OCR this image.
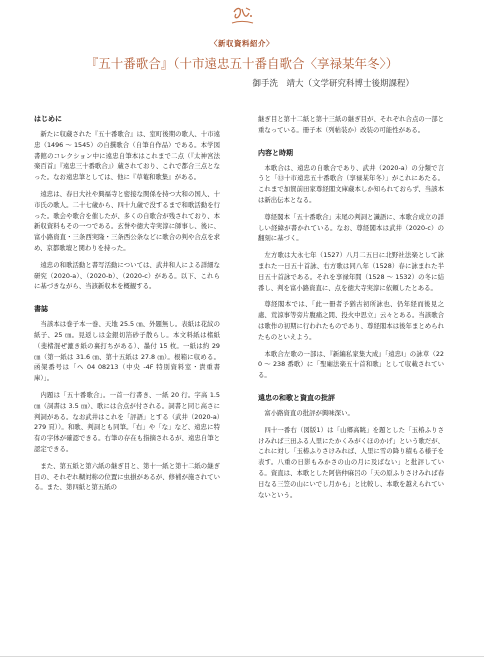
〈新収資料紹介〉
『五十番歌合』（十市遠忠五十番自歌合〈享禄某年冬〉）
御手洗　靖大（文学研究科博士後期課程）
はじめに

新たに収蔵された『五十番歌合』は、室町後期の歌人、十市遠忠（1496 ～ 1545）の自撰歌合（自筆自作品）である。本学図書館のコレクション中に遠忠自筆本はこれまで二点（『太神宮法楽百首』『遠忠三十番歌合』）蔵されており、これで都合三点となった。なお遠忠筆としては、他に『草菴和歌集』がある。

遠忠は、春日大社や興福寺と密接な関係を持つ大和の国人、十市氏の歌人。二十七歳から、四十九歳で没するまで和歌活動を行った。歌会や歌合を催したが、多くの自歌合が残されており、本新収資料もその一つである。玄誉や徳大寺実淳に師事し、後に、富小路資直・三条西実隆・三条西公条などに歌合の判や合点を求め、京都歌壇と関わりを持った。

遠忠の和歌活動と書写活動については、武井和人による詳細な研究（2020-a）、（2020-b）、（2020-c）がある。以下、これらに基づきながら、当該新収本を概観する。

書誌

当該本は巻子本一巻、天地 25.5 ㎝、外題無し。表紙は花紋の紙子、25 ㎝。見返しは金銀切箔砂子散らし。本文料紙は楮紙（斐楮混ぜ漉き紙の裏打ちがある）、墨付 15 枚。一紙は約 29 ㎝（第一紙は 31.6 ㎝、第十五紙は 27.8 ㎝）。根箱に収める。函架番号は「ヘ 04 08213（中央 -4F 特別資料室・貴重書庫）」。

内題は「五十番歌合」。一首一行書き、一紙 20 行。字高 1.5 ㎝（詞書は 3.5 ㎝）、歌には合点が付される。詞書と同じ高さに判詞がある。なお武井はこれを「評語」とする（武井（2020-a）279 頁））。和歌、判詞とも同筆。「右」や「な」など、遠忠に特有の字体が確認できる。右筆の存在も指摘されるが、遠忠自筆と認定できる。

また、第五紙と第六紙の継ぎ目と、第十一紙と第十二紙の継ぎ目の、それぞれ糊対称の位置に虫損があるが、修補が施されている。また、第四紙と第五紙の

継ぎ目と第十二紙と第十三紙の継ぎ目が、それぞれ合点の一部と重なっている。冊子本（列帖装か）改装の可能性がある。

内容と時期

本歌合は、遠忠の自歌合であり、武井（2020-a）の分類で言うと「⑬十市遠忠五十番歌合（享禄某年冬）」がこれにあたる。これまで加賀前田家尊経閣文庫蔵本しか知られておらず、当該本は新出伝本となる。

尊経閣本「五十番歌合」末尾の判詞と識語に、本歌合成立の詳しい経緯が書かれている。なお、尊経閣本は武井（2020-c）の翻刻に基づく。

左方歌は大永七年（1527）八月二五日に北野社法楽として詠まれた一日五十首詠、右方歌は同八年（1528）春に詠まれた半日五十首詠である。それを享禄年間（1528 ～ 1532）の冬に結番し、判を富小路資直に、点を徳大寺実淳に依頼したとある。

尊経閣本では、「此一冊者予猶古初所詠也、仍年経而後見之處、荒涼事等旁片腹痛之間、投火中思立」云々とある。当該歌合は歌作の初期に行われたものであり、尊経閣本は後年まとめられたものといえよう。

本歌合左歌の一部は、『新編私家集大成』「遠忠Ⅰ」の詠草（220 ～ 238 番歌）に「聖廟法楽五十首和歌」として収載されている。

遠忠の和歌と資直の批評

富小路資直の批評が興味深い。

四十一番右（図版1）は「山郷高眺」を題とした「玉椿ふりさけみれば三田ふる人里にたかくみがくほのかげ」という歌だが、これに対し「玉椿ふりさけみれば、人里に雪の降り積もる様子を表す。八重の日影もみかさの山の月に及ばない」と批評している。資直は、本歌とした阿倍仲麻呂の「天の原ふりさけみれば春日なる三笠の山にいでし月かも」と比較し、本歌を越えられていないという。
